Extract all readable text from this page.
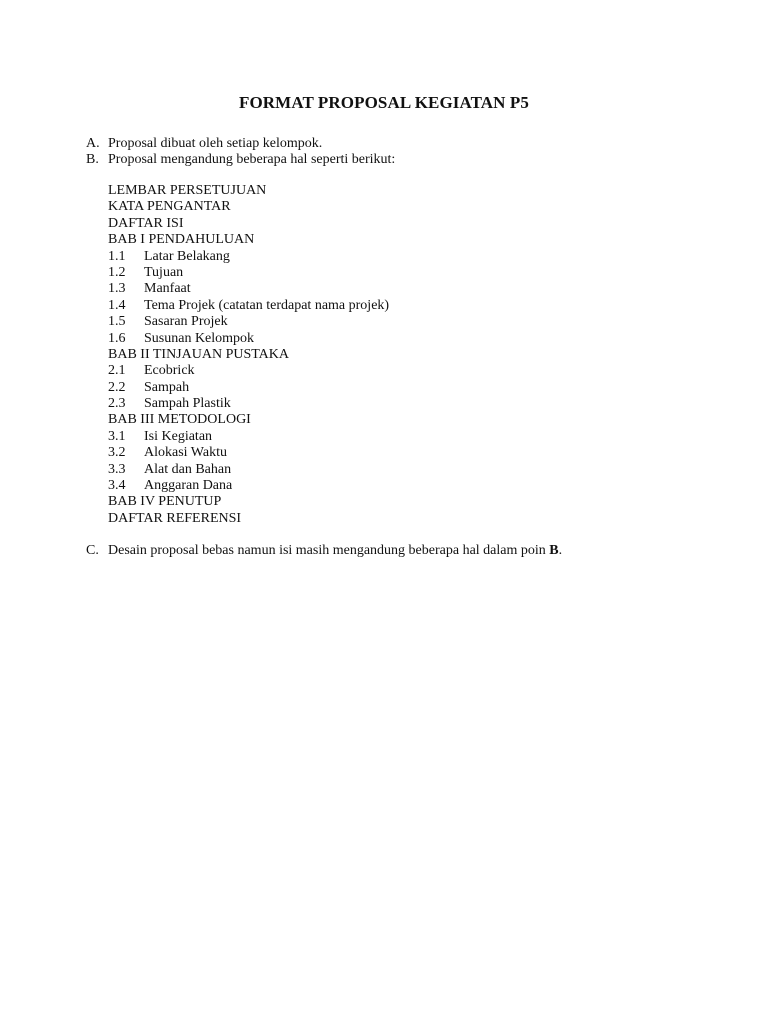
FORMAT PROPOSAL KEGIATAN P5
A. Proposal dibuat oleh setiap kelompok.
B. Proposal mengandung beberapa hal seperti berikut:
LEMBAR PERSETUJUAN
KATA PENGANTAR
DAFTAR ISI
BAB I PENDAHULUAN
1.1 Latar Belakang
1.2 Tujuan
1.3 Manfaat
1.4 Tema Projek (catatan terdapat nama projek)
1.5 Sasaran Projek
1.6 Susunan Kelompok
BAB II TINJAUAN PUSTAKA
2.1 Ecobrick
2.2 Sampah
2.3 Sampah Plastik
BAB III METODOLOGI
3.1 Isi Kegiatan
3.2 Alokasi Waktu
3.3 Alat dan Bahan
3.4 Anggaran Dana
BAB IV PENUTUP
DAFTAR REFERENSI
C. Desain proposal bebas namun isi masih mengandung beberapa hal dalam poin B.
